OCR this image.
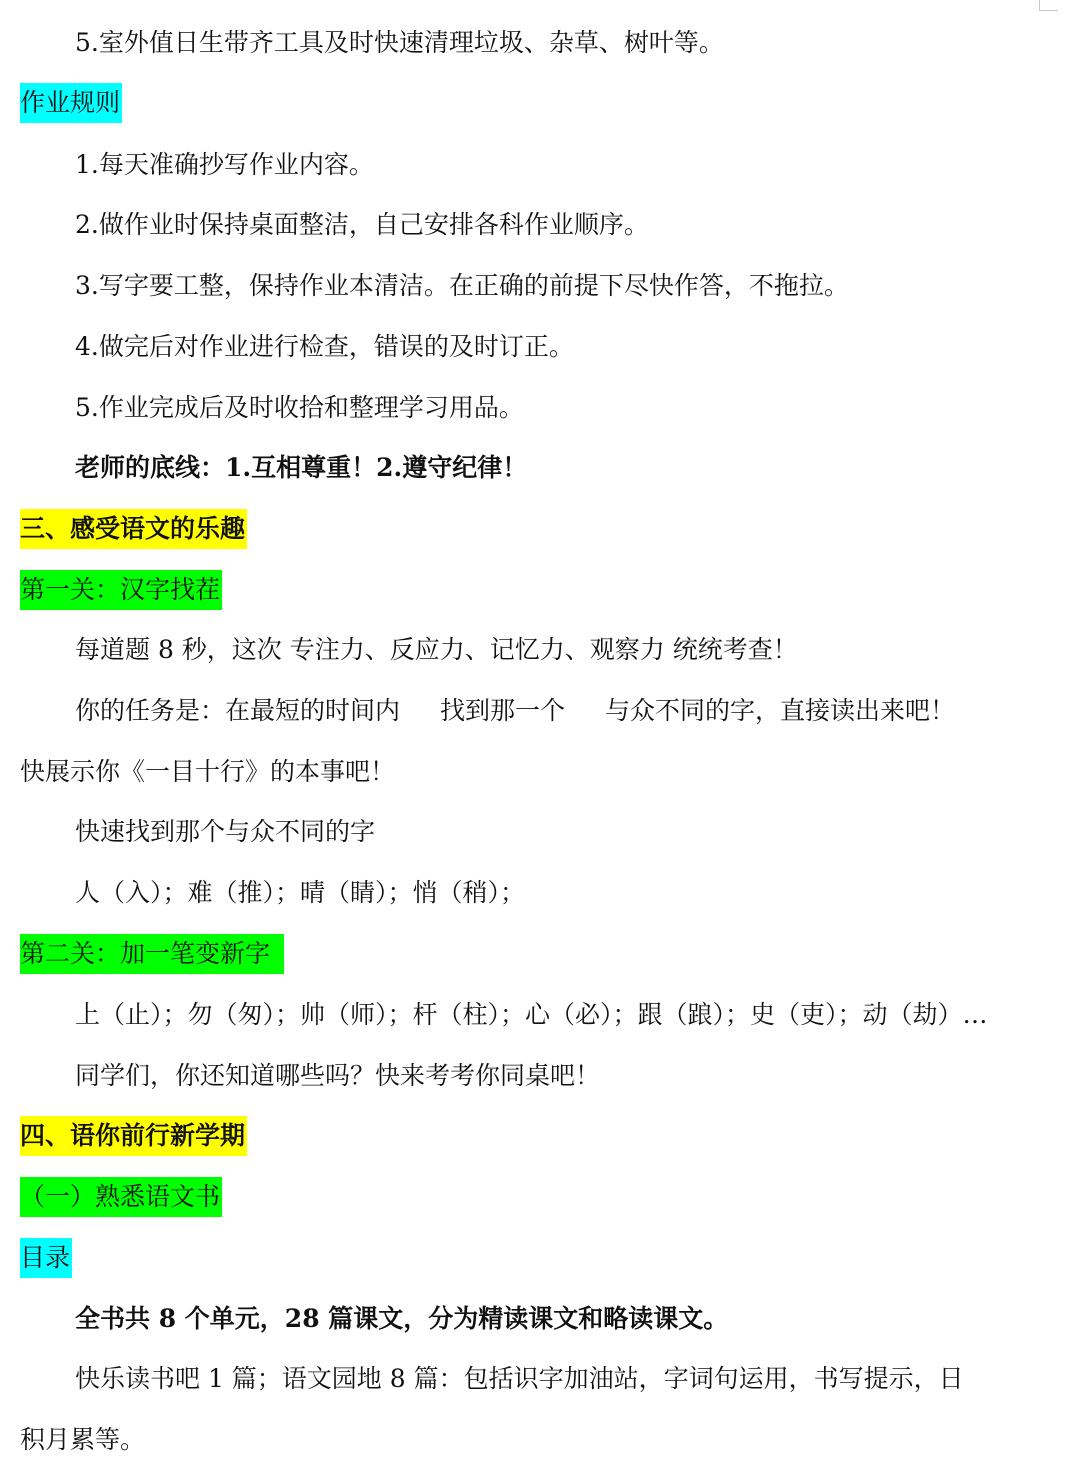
5.室外值日生带齐工具及时快速清理垃圾、杂草、树叶等。
作业规则
1.每天准确抄写作业内容。
2.做作业时保持桌面整洁，自己安排各科作业顺序。
3.写字要工整，保持作业本清洁。在正确的前提下尽快作答，不拖拉。
4.做完后对作业进行检查，错误的及时订正。
5.作业完成后及时收拾和整理学习用品。
老师的底线：1.互相尊重！2.遵守纪律！
三、感受语文的乐趣
第一关：汉字找茬
每道题 8 秒，这次 专注力、反应力、记忆力、观察力 统统考查！
你的任务是：在最短的时间内 找到那一个 与众不同的字，直接读出来吧！
快展示你《一目十行》的本事吧！
快速找到那个与众不同的字
人（入）；难（推）；晴（睛）；悄（稍）；
第二关：加一笔变新字
上（止）；勿（匆）；帅（师）；杆（柱）；心（必）；跟（踉）；史（吏）；动（劫）…
同学们，你还知道哪些吗？快来考考你同桌吧！
四、语你前行新学期
（一）熟悉语文书
目录
全书共 8 个单元，28 篇课文，分为精读课文和略读课文。
快乐读书吧 1 篇；语文园地 8 篇：包括识字加油站，字词句运用，书写提示，日
积月累等。
